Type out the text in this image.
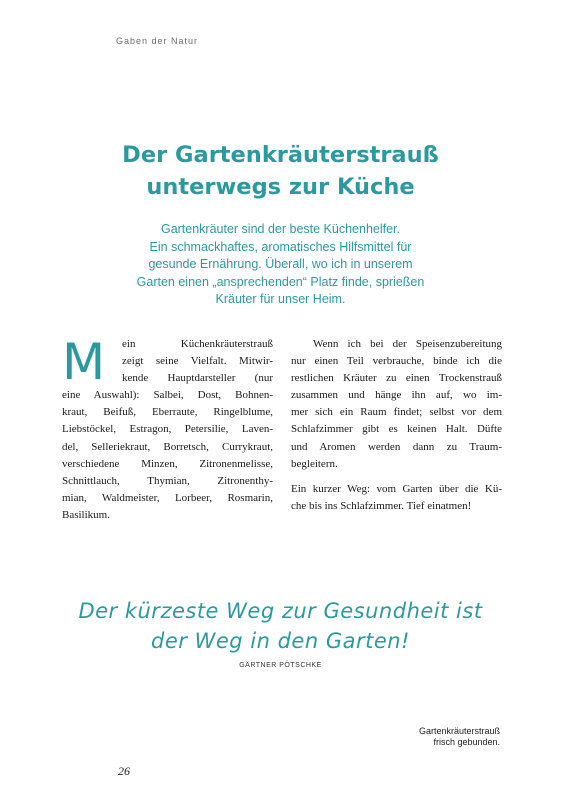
Gaben der Natur
Der Gartenkräuterstrauß
unterwegs zur Küche
Gartenkräuter sind der beste Küchenhelfer.
Ein schmackhaftes, aromatisches Hilfsmittel für
gesunde Ernährung. Überall, wo ich in unserem
Garten einen „ansprechenden“ Platz finde, sprießen
Kräuter für unser Heim.
M	ein Küchenkräuterstrauß
zeigt seine Vielfalt. Mitwir-
kende Hauptdarsteller (nur
eine Auswahl): Salbei, Dost, Bohnen-
kraut, Beifuß, Eberraute, Ringelblume,
Liebstöckel, Estragon, Petersilie, Laven-
del, Selleriekraut, Borretsch, Currykraut,
verschiedene Minzen, Zitronenmelisse,
Schnittlauch, Thymian, Zitronenthy-
mian, Waldmeister, Lorbeer, Rosmarin,
Basilikum.
Wenn ich bei der Speisenzubereitung
nur einen Teil verbrauche, binde ich die
restlichen Kräuter zu einen Trockenstrauß
zusammen und hänge ihn auf, wo im-
mer sich ein Raum findet; selbst vor dem
Schlafzimmer gibt es keinen Halt. Düfte
und Aromen werden dann zu Traum-
begleitern.
Ein kurzer Weg: vom Garten über die Kü-
che bis ins Schlafzimmer. Tief einatmen!
Der kürzeste Weg zur Gesundheit ist
der Weg in den Garten!
GÄRTNER PÖTSCHKE
Gartenkräuterstrauß
frisch gebunden.
26
